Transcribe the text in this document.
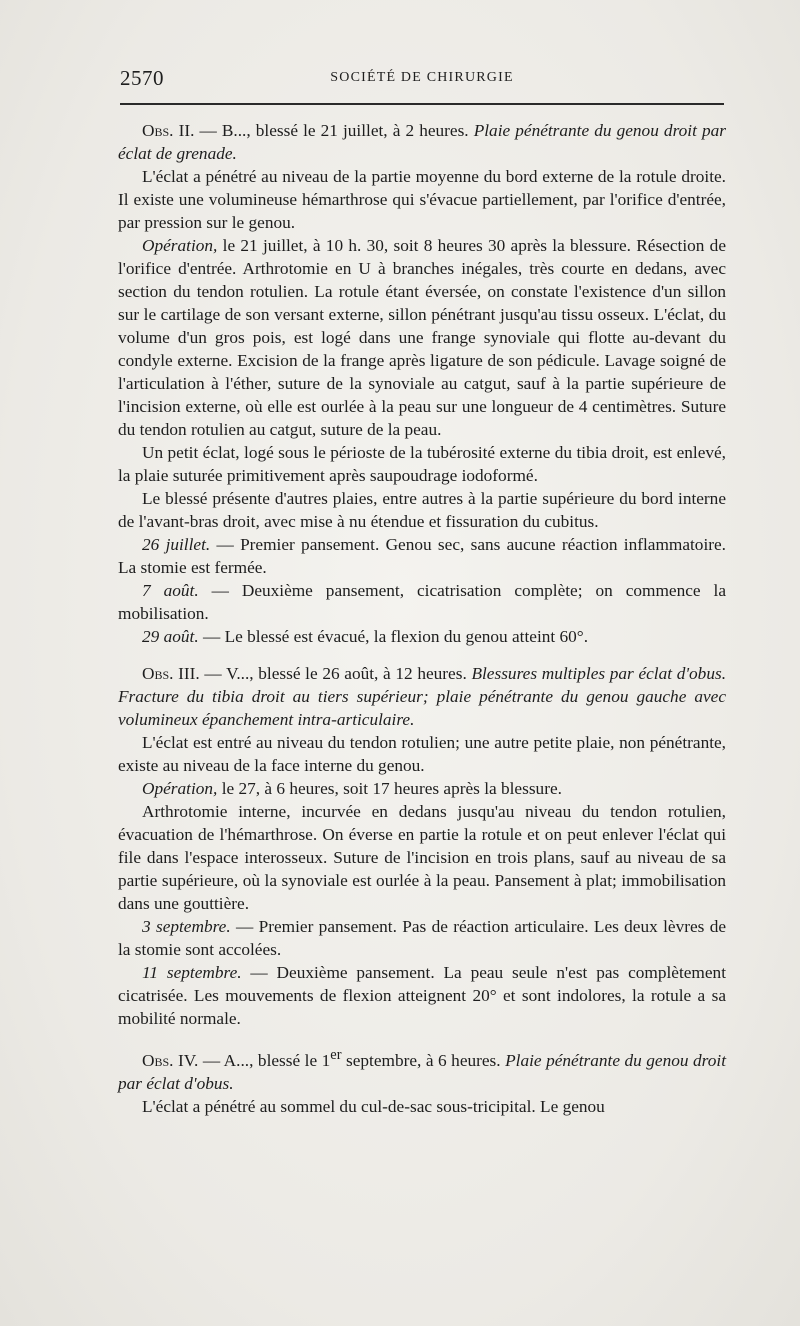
2570	SOCIÉTÉ DE CHIRURGIE

Obs. II. — B..., blessé le 21 juillet, à 2 heures. Plaie pénétrante du genou droit par éclat de grenade.

L'éclat a pénétré au niveau de la partie moyenne du bord externe de la rotule droite. Il existe une volumineuse hémarthrose qui s'évacue partiellement, par l'orifice d'entrée, par pression sur le genou.

Opération, le 21 juillet, à 10 h. 30, soit 8 heures 30 après la blessure. Résection de l'orifice d'entrée. Arthrotomie en U à branches inégales, très courte en dedans, avec section du tendon rotulien. La rotule étant éversée, on constate l'existence d'un sillon sur le cartilage de son versant externe, sillon pénétrant jusqu'au tissu osseux. L'éclat, du volume d'un gros pois, est logé dans une frange synoviale qui flotte au-devant du condyle externe. Excision de la frange après ligature de son pédicule. Lavage soigné de l'articulation à l'éther, suture de la synoviale au catgut, sauf à la partie supérieure de l'incision externe, où elle est ourlée à la peau sur une longueur de 4 centimètres. Suture du tendon rotulien au catgut, suture de la peau.

Un petit éclat, logé sous le périoste de la tubérosité externe du tibia droit, est enlevé, la plaie suturée primitivement après saupoudrage iodoformé.

Le blessé présente d'autres plaies, entre autres à la partie supérieure du bord interne de l'avant-bras droit, avec mise à nu étendue et fissuration du cubitus.

26 juillet. — Premier pansement. Genou sec, sans aucune réaction inflammatoire. La stomie est fermée.

7 août. — Deuxième pansement, cicatrisation complète; on commence la mobilisation.

29 août. — Le blessé est évacué, la flexion du genou atteint 60°.

Obs. III. — V..., blessé le 26 août, à 12 heures. Blessures multiples par éclat d'obus. Fracture du tibia droit au tiers supérieur; plaie pénétrante du genou gauche avec volumineux épanchement intra-articulaire.

L'éclat est entré au niveau du tendon rotulien; une autre petite plaie, non pénétrante, existe au niveau de la face interne du genou.

Opération, le 27, à 6 heures, soit 17 heures après la blessure.

Arthrotomie interne, incurvée en dedans jusqu'au niveau du tendon rotulien, évacuation de l'hémarthrose. On éverse en partie la rotule et on peut enlever l'éclat qui file dans l'espace interosseux. Suture de l'incision en trois plans, sauf au niveau de sa partie supérieure, où la synoviale est ourlée à la peau. Pansement à plat; immobilisation dans une gouttière.

3 septembre. — Premier pansement. Pas de réaction articulaire. Les deux lèvres de la stomie sont accolées.

11 septembre. — Deuxième pansement. La peau seule n'est pas complètement cicatrisée. Les mouvements de flexion atteignent 20° et sont indolores, la rotule a sa mobilité normale.

Obs. IV. — A..., blessé le 1er septembre, à 6 heures. Plaie pénétrante du genou droit par éclat d'obus.

L'éclat a pénétré au sommel du cul-de-sac sous-tricipital. Le genou
